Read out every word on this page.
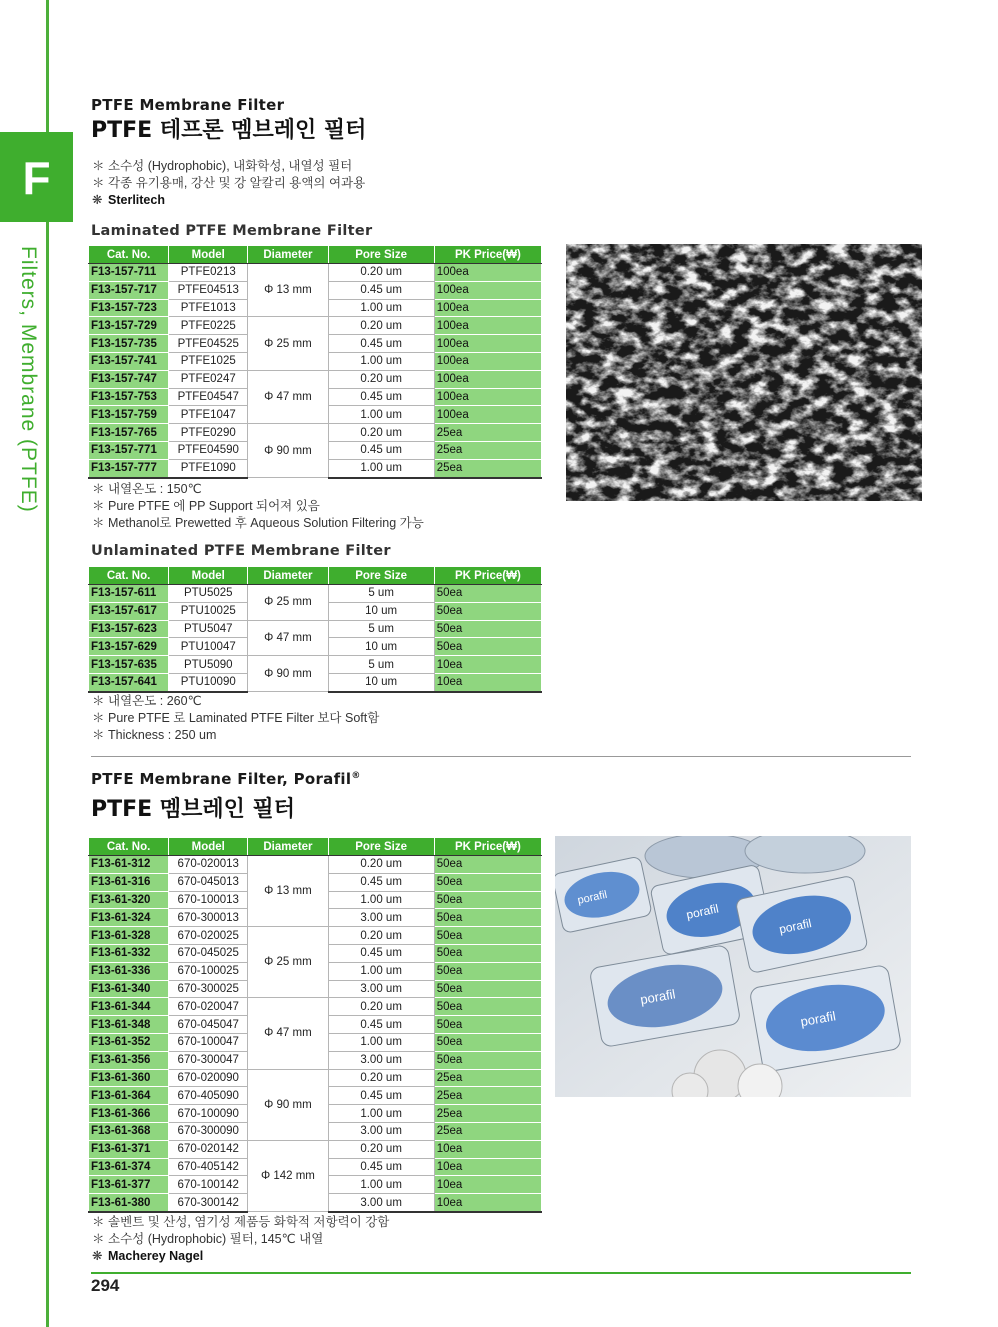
F
Filters, Membrane (PTFE)
PTFE Membrane Filter
PTFE 테프론 멤브레인 필터
＊ 소수성 (Hydrophobic), 내화학성, 내열성 필터
＊ 각종 유기용매, 강산 및 강 알칼리 용액의 여과용
❋ Sterlitech
Laminated PTFE Membrane Filter
Cat. No.	Model	Diameter	Pore Size	PK Price(₩)
F13-157-711	PTFE0213	Φ 13 mm	0.20 um	100ea
F13-157-717	PTFE04513		0.45 um	100ea
F13-157-723	PTFE1013		1.00 um	100ea
F13-157-729	PTFE0225	Φ 25 mm	0.20 um	100ea
F13-157-735	PTFE04525		0.45 um	100ea
F13-157-741	PTFE1025		1.00 um	100ea
F13-157-747	PTFE0247	Φ 47 mm	0.20 um	100ea
F13-157-753	PTFE04547		0.45 um	100ea
F13-157-759	PTFE1047		1.00 um	100ea
F13-157-765	PTFE0290	Φ 90 mm	0.20 um	25ea
F13-157-771	PTFE04590		0.45 um	25ea
F13-157-777	PTFE1090		1.00 um	25ea
＊ 내열온도 : 150℃
＊ Pure PTFE 에 PP Support 되어져 있음
＊ Methanol로 Prewetted 후 Aqueous Solution Filtering 가능
Unlaminated PTFE Membrane Filter
Cat. No.	Model	Diameter	Pore Size	PK Price(₩)
F13-157-611	PTU5025	Φ 25 mm	5 um	50ea
F13-157-617	PTU10025		10 um	50ea
F13-157-623	PTU5047	Φ 47 mm	5 um	50ea
F13-157-629	PTU10047		10 um	50ea
F13-157-635	PTU5090	Φ 90 mm	5 um	10ea
F13-157-641	PTU10090		10 um	10ea
＊ 내열온도 : 260℃
＊ Pure PTFE 로 Laminated PTFE Filter 보다 Soft함
＊ Thickness : 250 um
PTFE Membrane Filter, Porafil®
PTFE 멤브레인 필터
Cat. No.	Model	Diameter	Pore Size	PK Price(₩)
F13-61-312	670-020013	Φ 13 mm	0.20 um	50ea
F13-61-316	670-045013		0.45 um	50ea
F13-61-320	670-100013		1.00 um	50ea
F13-61-324	670-300013		3.00 um	50ea
F13-61-328	670-020025	Φ 25 mm	0.20 um	50ea
F13-61-332	670-045025		0.45 um	50ea
F13-61-336	670-100025		1.00 um	50ea
F13-61-340	670-300025		3.00 um	50ea
F13-61-344	670-020047	Φ 47 mm	0.20 um	50ea
F13-61-348	670-045047		0.45 um	50ea
F13-61-352	670-100047		1.00 um	50ea
F13-61-356	670-300047		3.00 um	50ea
F13-61-360	670-020090	Φ 90 mm	0.20 um	25ea
F13-61-364	670-405090		0.45 um	25ea
F13-61-366	670-100090		1.00 um	25ea
F13-61-368	670-300090		3.00 um	25ea
F13-61-371	670-020142	Φ 142 mm	0.20 um	10ea
F13-61-374	670-405142		0.45 um	10ea
F13-61-377	670-100142		1.00 um	10ea
F13-61-380	670-300142		3.00 um	10ea
＊ 솔벤트 및 산성, 염기성 제품등 화학적 저항력이 강함
＊ 소수성 (Hydrophobic) 필터, 145℃ 내열
❋ Macherey Nagel
porafil
porafil
porafil
porafil
porafil
294
